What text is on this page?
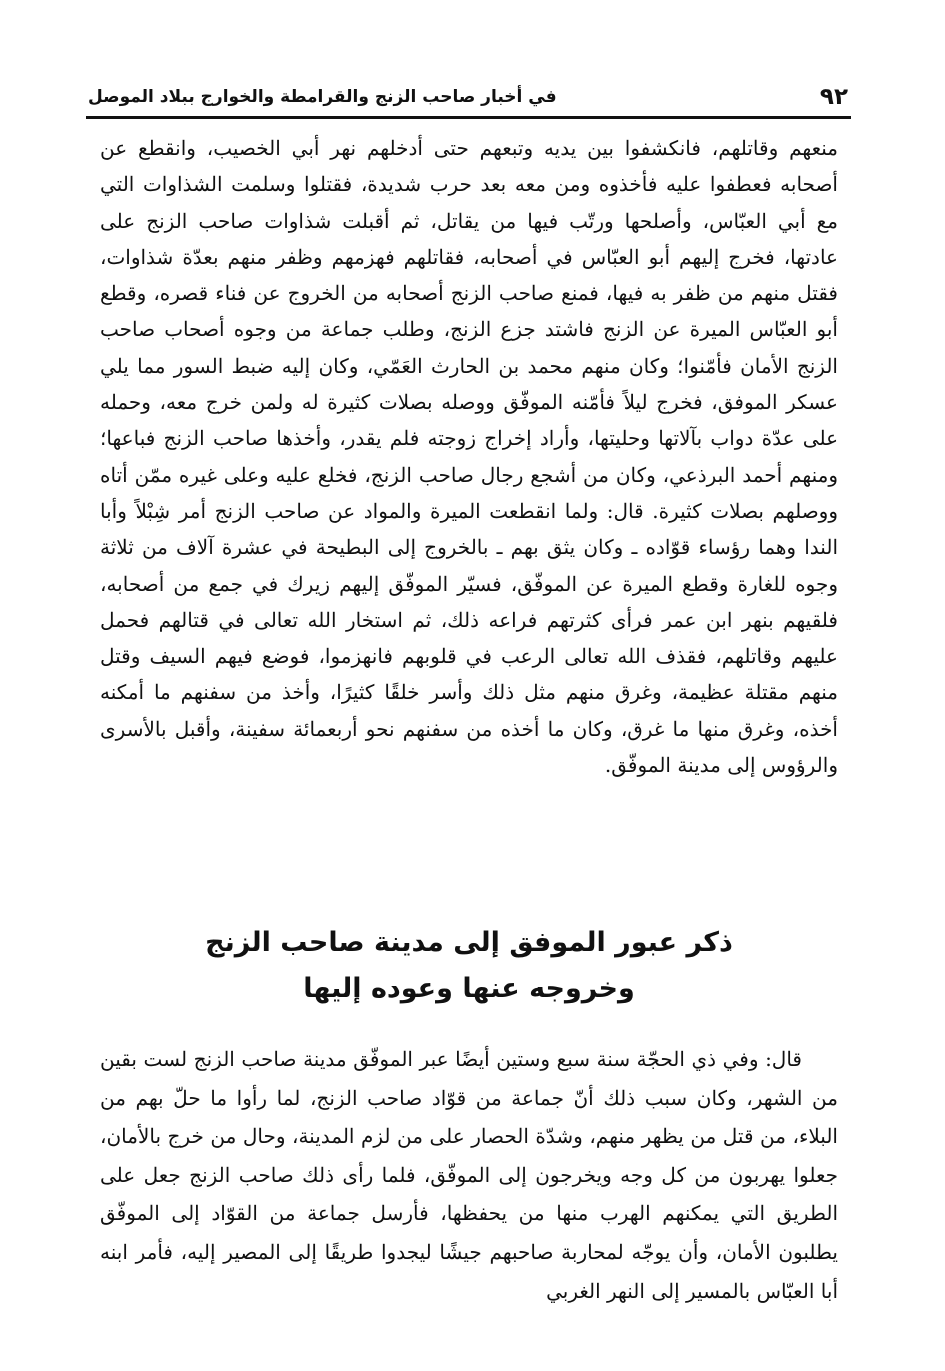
٩٢
في أخبار صاحب الزنج والقرامطة والخوارج ببلاد الموصل

منعهم وقاتلهم، فانكشفوا بين يديه وتبعهم حتى أدخلهم نهر أبي الخصيب، وانقطع عن أصحابه فعطفوا عليه فأخذوه ومن معه بعد حرب شديدة، فقتلوا وسلمت الشذاوات التي مع أبي العبّاس، وأصلحها ورتّب فيها من يقاتل، ثم أقبلت شذاوات صاحب الزنج على عادتها، فخرج إليهم أبو العبّاس في أصحابه، فقاتلهم فهزمهم وظفر منهم بعدّة شذاوات، فقتل منهم من ظفر به فيها، فمنع صاحب الزنج أصحابه من الخروج عن فناء قصره، وقطع أبو العبّاس الميرة عن الزنج فاشتد جزع الزنج، وطلب جماعة من وجوه أصحاب صاحب الزنج الأمان فأمّنوا؛ وكان منهم محمد بن الحارث العَمّي، وكان إليه ضبط السور مما يلي عسكر الموفق، فخرج ليلاً فأمّنه الموفّق ووصله بصلات كثيرة له ولمن خرج معه، وحمله على عدّة دواب بآلاتها وحليتها، وأراد إخراج زوجته فلم يقدر، وأخذها صاحب الزنج فباعها؛ ومنهم أحمد البرذعي، وكان من أشجع رجال صاحب الزنج، فخلع عليه وعلى غيره ممّن أتاه ووصلهم بصلات كثيرة. قال: ولما انقطعت الميرة والمواد عن صاحب الزنج أمر شِبْلاً وأبا الندا وهما رؤساء قوّاده ـ وكان يثق بهم ـ بالخروج إلى البطيحة في عشرة آلاف من ثلاثة وجوه للغارة وقطع الميرة عن الموفّق، فسيّر الموفّق إليهم زيرك في جمع من أصحابه، فلقيهم بنهر ابن عمر فرأى كثرتهم فراعه ذلك، ثم استخار الله تعالى في قتالهم فحمل عليهم وقاتلهم، فقذف الله تعالى الرعب في قلوبهم فانهزموا، فوضع فيهم السيف وقتل منهم مقتلة عظيمة، وغرق منهم مثل ذلك وأسر خلقًا كثيرًا، وأخذ من سفنهم ما أمكنه أخذه، وغرق منها ما غرق، وكان ما أخذه من سفنهم نحو أربعمائة سفينة، وأقبل بالأسرى والرؤوس إلى مدينة الموفّق.

ذكر عبور الموفق إلى مدينة صاحب الزنج
وخروجه عنها وعوده إليها

قال: وفي ذي الحجّة سنة سبع وستين أيضًا عبر الموفّق مدينة صاحب الزنج لست بقين من الشهر، وكان سبب ذلك أنّ جماعة من قوّاد صاحب الزنج، لما رأوا ما حلّ بهم من البلاء، من قتل من يظهر منهم، وشدّة الحصار على من لزم المدينة، وحال من خرج بالأمان، جعلوا يهربون من كل وجه ويخرجون إلى الموفّق، فلما رأى ذلك صاحب الزنج جعل على الطريق التي يمكنهم الهرب منها من يحفظها، فأرسل جماعة من القوّاد إلى الموفّق يطلبون الأمان، وأن يوجّه لمحاربة صاحبهم جيشًا ليجدوا طريقًا إلى المصير إليه، فأمر ابنه أبا العبّاس بالمسير إلى النهر الغربي
